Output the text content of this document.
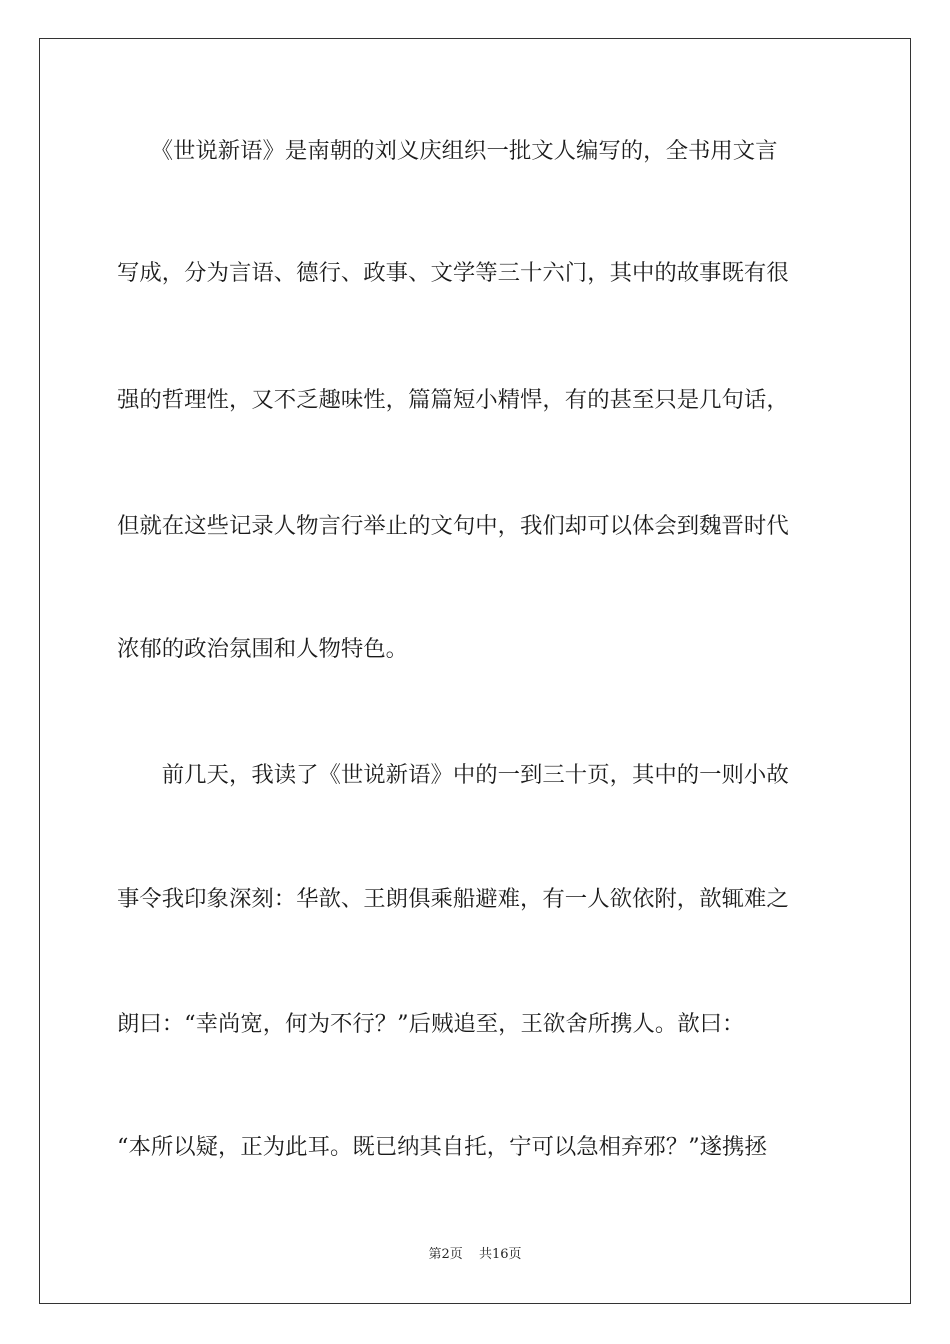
　　《世说新语》是南朝的刘义庆组织一批文人编写的，全书用文言
写成，分为言语、德行、政事、文学等三十六门，其中的故事既有很
强的哲理性，又不乏趣味性，篇篇短小精悍，有的甚至只是几句话，
但就在这些记录人物言行举止的文句中，我们却可以体会到魏晋时代
浓郁的政治氛围和人物特色。
　　前几天，我读了《世说新语》中的一到三十页，其中的一则小故
事令我印象深刻：华歆、王朗俱乘船避难，有一人欲依附，歆辄难之
朗曰：“幸尚宽，何为不行？”后贼追至，王欲舍所携人。歆曰：
“本所以疑，正为此耳。既已纳其自托，宁可以急相弃邪？”遂携拯
第2页 共16页
